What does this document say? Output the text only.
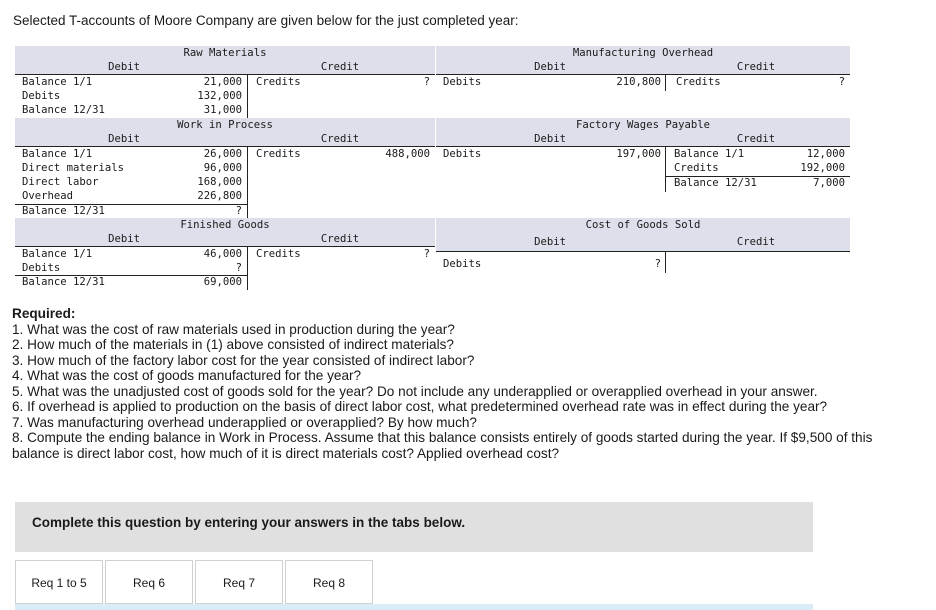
Selected T-accounts of Moore Company are given below for the just completed year:
Raw Materials
Debit	Credit
Balance 1/1	21,000 Credits	?
Debits	132,000
Balance 12/31	31,000
Manufacturing Overhead
Debit	Credit
Debits	210,800 Credits	?
Work in Process
Debit	Credit
Balance 1/1	26,000 Credits	488,000
Direct materials	96,000
Direct labor	168,000
Overhead	226,800
Balance 12/31	?
Factory Wages Payable
Debit	Credit
Debits	197,000 Balance 1/1	12,000
Credits	192,000
Balance 12/31	7,000
Finished Goods
Debit	Credit
Balance 1/1	46,000 Credits	?
Debits	?
Balance 12/31	69,000
Cost of Goods Sold
Debit	Credit
Debits	?

Required:

1. What was the cost of raw materials used in production during the year?

2. How much of the materials in (1) above consisted of indirect materials?

3. How much of the factory labor cost for the year consisted of indirect labor?

4. What was the cost of goods manufactured for the year?

5. What was the unadjusted cost of goods sold for the year? Do not include any underapplied or overapplied overhead in your answer.

6. If overhead is applied to production on the basis of direct labor cost, what predetermined overhead rate was in effect during the year?

7. Was manufacturing overhead underapplied or overapplied? By how much?

8. Compute the ending balance in Work in Process. Assume that this balance consists entirely of goods started during the year. If $9,500 of this balance is direct labor cost, how much of it is direct materials cost? Applied overhead cost?

Complete this question by entering your answers in the tabs below.
Req 1 to 5	Req 6	Req 7	Req 8
